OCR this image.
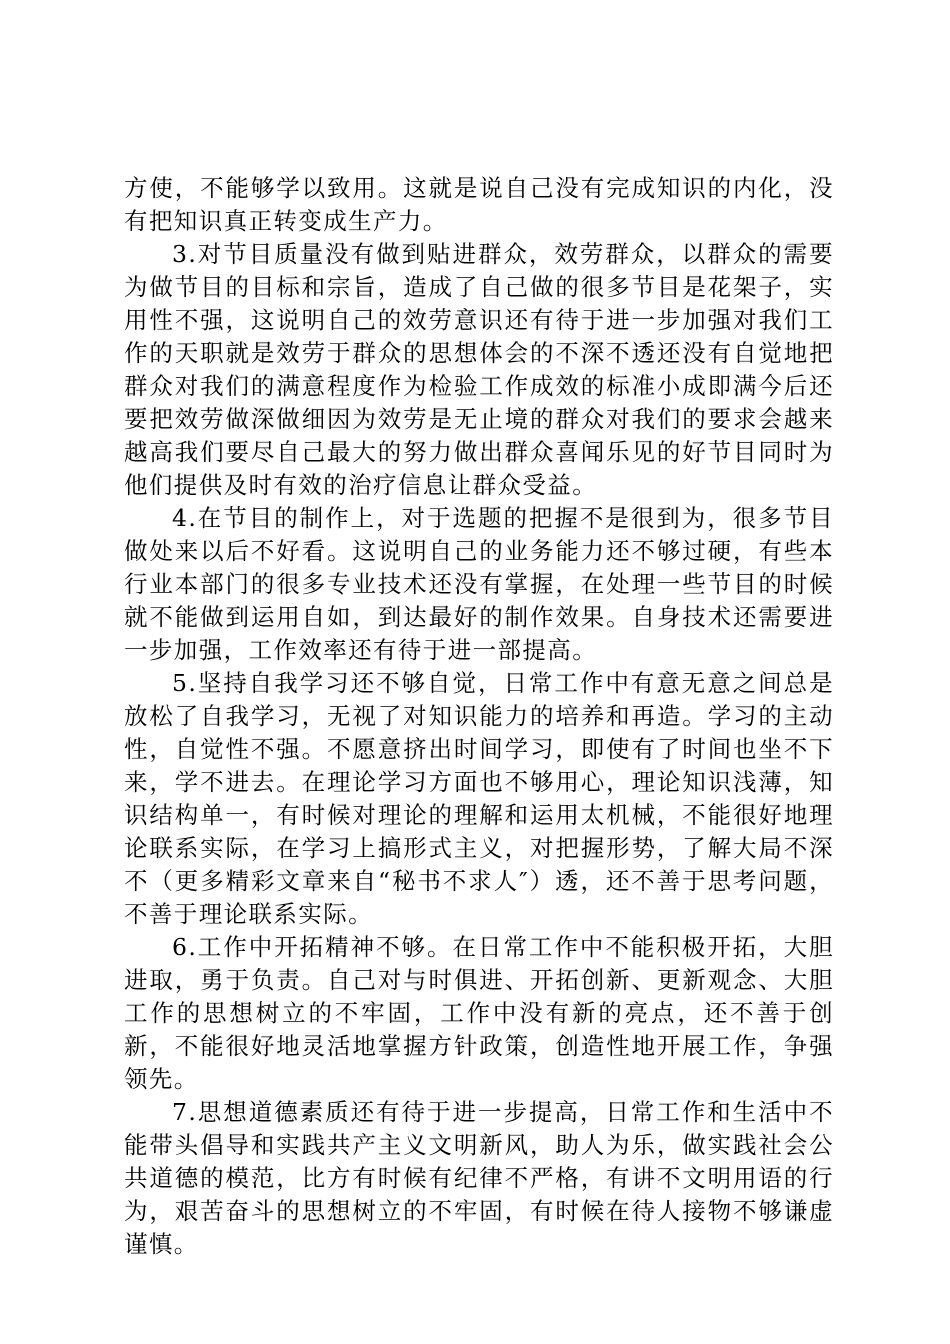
方使，不能够学以致用。这就是说自己没有完成知识的内化，没有把知识真正转变成生产力。

3.对节目质量没有做到贴进群众，效劳群众，以群众的需要为做节目的目标和宗旨，造成了自己做的很多节目是花架子，实用性不强，这说明自己的效劳意识还有待于进一步加强对我们工作的天职就是效劳于群众的思想体会的不深不透还没有自觉地把群众对我们的满意程度作为检验工作成效的标准小成即满今后还要把效劳做深做细因为效劳是无止境的群众对我们的要求会越来越高我们要尽自己最大的努力做出群众喜闻乐见的好节目同时为他们提供及时有效的治疗信息让群众受益。

4.在节目的制作上，对于选题的把握不是很到为，很多节目做处来以后不好看。这说明自己的业务能力还不够过硬，有些本行业本部门的很多专业技术还没有掌握，在处理一些节目的时候就不能做到运用自如，到达最好的制作效果。自身技术还需要进一步加强，工作效率还有待于进一部提高。

5.坚持自我学习还不够自觉，日常工作中有意无意之间总是放松了自我学习，无视了对知识能力的培养和再造。学习的主动性，自觉性不强。不愿意挤出时间学习，即使有了时间也坐不下来，学不进去。在理论学习方面也不够用心，理论知识浅薄，知识结构单一，有时候对理论的理解和运用太机械，不能很好地理论联系实际，在学习上搞形式主义，对把握形势，了解大局不深不（更多精彩文章来自“秘书不求人″）透，还不善于思考问题，不善于理论联系实际。

6.工作中开拓精神不够。在日常工作中不能积极开拓，大胆进取，勇于负责。自己对与时俱进、开拓创新、更新观念、大胆工作的思想树立的不牢固，工作中没有新的亮点，还不善于创新，不能很好地灵活地掌握方针政策，创造性地开展工作，争强领先。

7.思想道德素质还有待于进一步提高，日常工作和生活中不能带头倡导和实践共产主义文明新风，助人为乐，做实践社会公共道德的模范，比方有时候有纪律不严格，有讲不文明用语的行为，艰苦奋斗的思想树立的不牢固，有时候在待人接物不够谦虚谨慎。
